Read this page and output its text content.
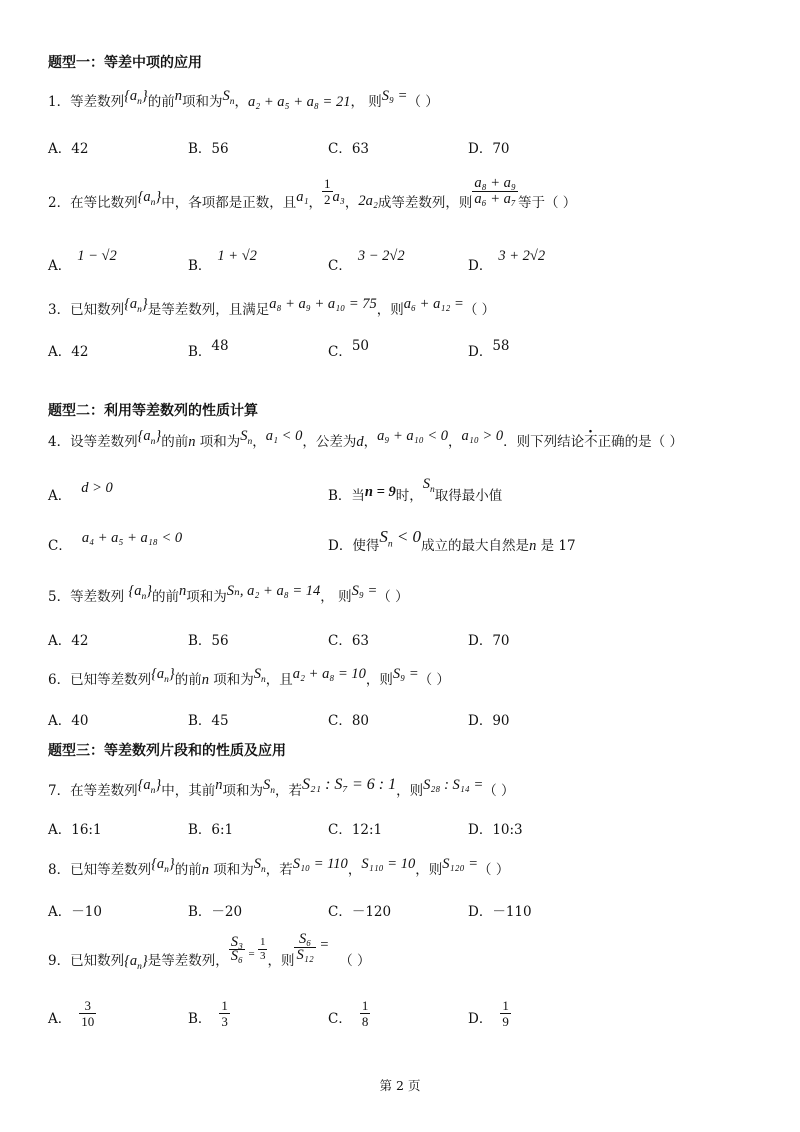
题型一：等差中项的应用
1．等差数列$\{a_n\}$的前n项和为$S_n$，a₂ + a₅ + a₈ = 21， 则S₉ =（ ）
A．42	B．56	C．63	D．70
2．在等比数列$\{a_n\}$中，各项都是正数，且a₁， $\frac{1}{2} a_3$，2a₂成等差数列，则 $\frac{\text{a₈ + a₉}}{\text{a₆ + a₇}}$ 等于（ ）
A．1 − √2
B．1 + √2
C．3 − 2√2
D．3 + 2√2
3．已知数列$\{a_n\}$是等差数列，且满足a₈ + a₉ + a₁₀ = 75，则a₆ + a₁₂ =（ ）
A．42	B．48	C．50	D．58
题型二：利用等差数列的性质计算
4．设等差数列$\{a_n\}$的前n 项和为$S_n$，a₁ < 0，公差为d，a₉ + a₁₀ < 0，a₁₀ > 0．则下列结论不正确的是（ ）
A． d > 0	B．当n = 9时，$S_n$取得最小值
C． a₄ + a₅ + a₁₈ < 0	D．使得$S_n < 0$成立的最大自然是n 是 17
5．等差数列 $\{a_n\}$的前n项和为Sₙ, a₂ + a₈ = 14， 则S₉ =（ ）
A．42	B．56	C．63	D．70
6．已知等差数列$\{a_n\}$的前n 项和为$S_n$，且a₂ + a₈ = 10，则S₉ =（ ）
A．40	B．45	C．80	D．90
题型三：等差数列片段和的性质及应用
7．在等差数列$\{a_n\}$中，其前n项和为$S_n$，若S₂₁ : S₇ = 6 : 1，则S₂₈ : S₁₄ =（ ）
A．16:1	B．6:1	C．12:1	D．10:3
8．已知等差数列$\{a_n\}$的前n 项和为$S_n$，若S₁₀ = 110，S₁₁₀ = 10，则S₁₂₀ =（ ）
A．－10	B．－20	C．－120	D．－110
9．已知数列$\{a_n\}$是等差数列， $\frac{\text{S₃}}{\text{S₆}} _= \frac{1}{3}$ ，则 $\frac{\text{S₆}}{\text{S₁₂}}$ =（ ）
A． $\frac{3}{10}$	B． $\frac{1}{3}$	C． $\frac{1}{8}$	D． $\frac{1}{9}$
第 2 页
